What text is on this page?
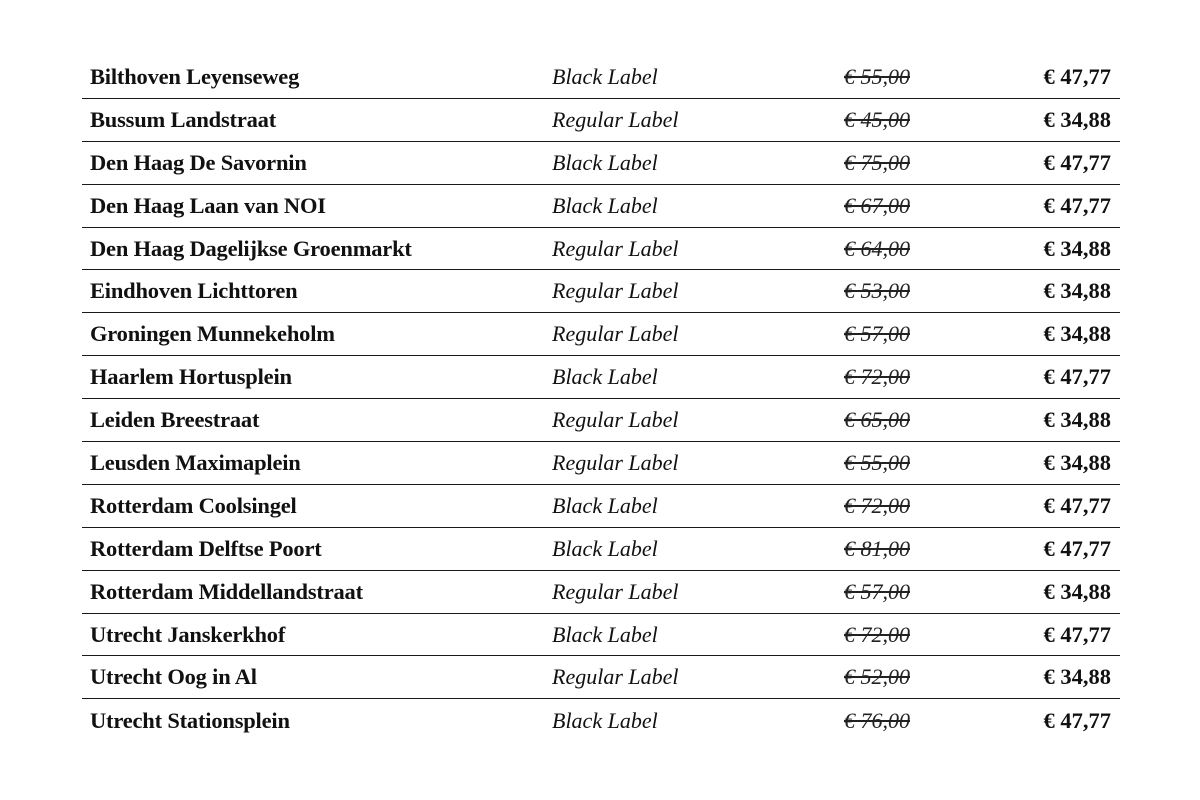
Bilthoven Leyenseweg	Black Label	€ 55,00	€ 47,77
Bussum Landstraat	Regular Label	€ 45,00	€ 34,88
Den Haag De Savornin	Black Label	€ 75,00	€ 47,77
Den Haag Laan van NOI	Black Label	€ 67,00	€ 47,77
Den Haag Dagelijkse Groenmarkt	Regular Label	€ 64,00	€ 34,88
Eindhoven Lichttoren	Regular Label	€ 53,00	€ 34,88
Groningen Munnekeholm	Regular Label	€ 57,00	€ 34,88
Haarlem Hortusplein	Black Label	€ 72,00	€ 47,77
Leiden Breestraat	Regular Label	€ 65,00	€ 34,88
Leusden Maximaplein	Regular Label	€ 55,00	€ 34,88
Rotterdam Coolsingel	Black Label	€ 72,00	€ 47,77
Rotterdam Delftse Poort	Black Label	€ 81,00	€ 47,77
Rotterdam Middellandstraat	Regular Label	€ 57,00	€ 34,88
Utrecht Janskerkhof	Black Label	€ 72,00	€ 47,77
Utrecht Oog in Al	Regular Label	€ 52,00	€ 34,88
Utrecht Stationsplein	Black Label	€ 76,00	€ 47,77
